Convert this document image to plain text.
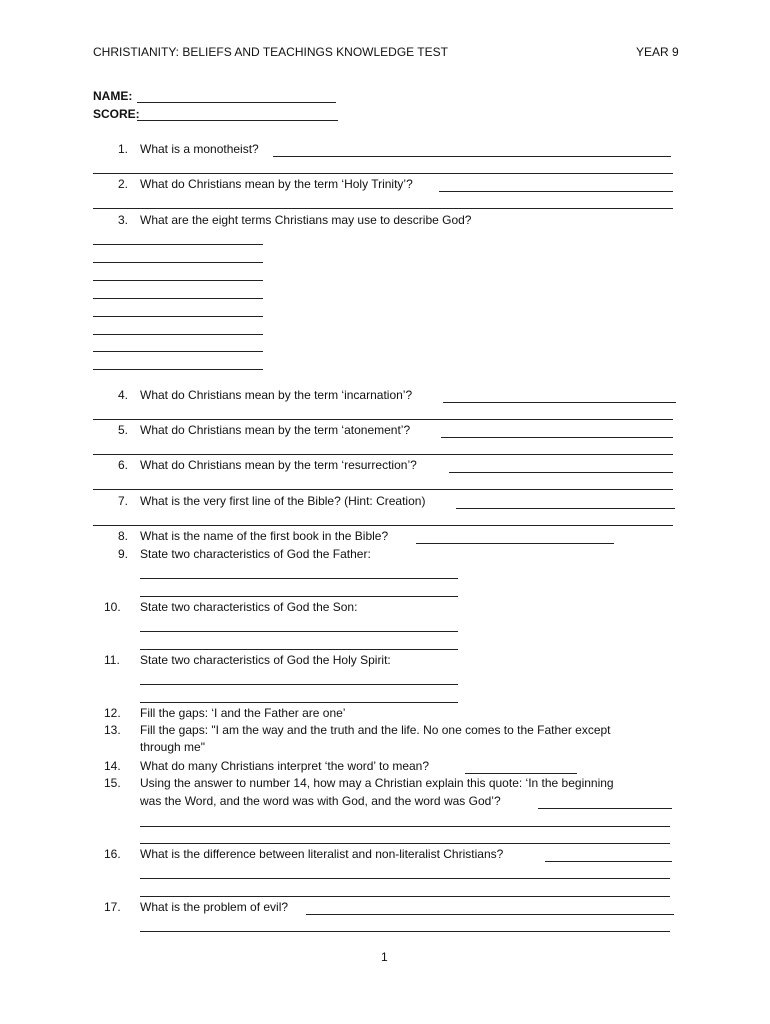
CHRISTIANITY: BELIEFS AND TEACHINGS KNOWLEDGE TEST	YEAR 9
NAME:
SCORE:
1. What is a monotheist?
2. What do Christians mean by the term ‘Holy Trinity’?
3. What are the eight terms Christians may use to describe God?
4. What do Christians mean by the term ‘incarnation’?
5. What do Christians mean by the term ‘atonement’?
6. What do Christians mean by the term ‘resurrection’?
7. What is the very first line of the Bible? (Hint: Creation)
8. What is the name of the first book in the Bible?
9. State two characteristics of God the Father:
10.	State two characteristics of God the Son:
11.	State two characteristics of God the Holy Spirit:
12.	Fill the gaps: ‘I and the Father are one’
13.	Fill the gaps: "I am the way and the truth and the life. No one comes to the Father except
through me"
14.	What do many Christians interpret ‘the word’ to mean?
15.	Using the answer to number 14, how may a Christian explain this quote: ‘In the beginning
was the Word, and the word was with God, and the word was God’?
16.	What is the difference between literalist and non-literalist Christians?
17.	What is the problem of evil?
1
